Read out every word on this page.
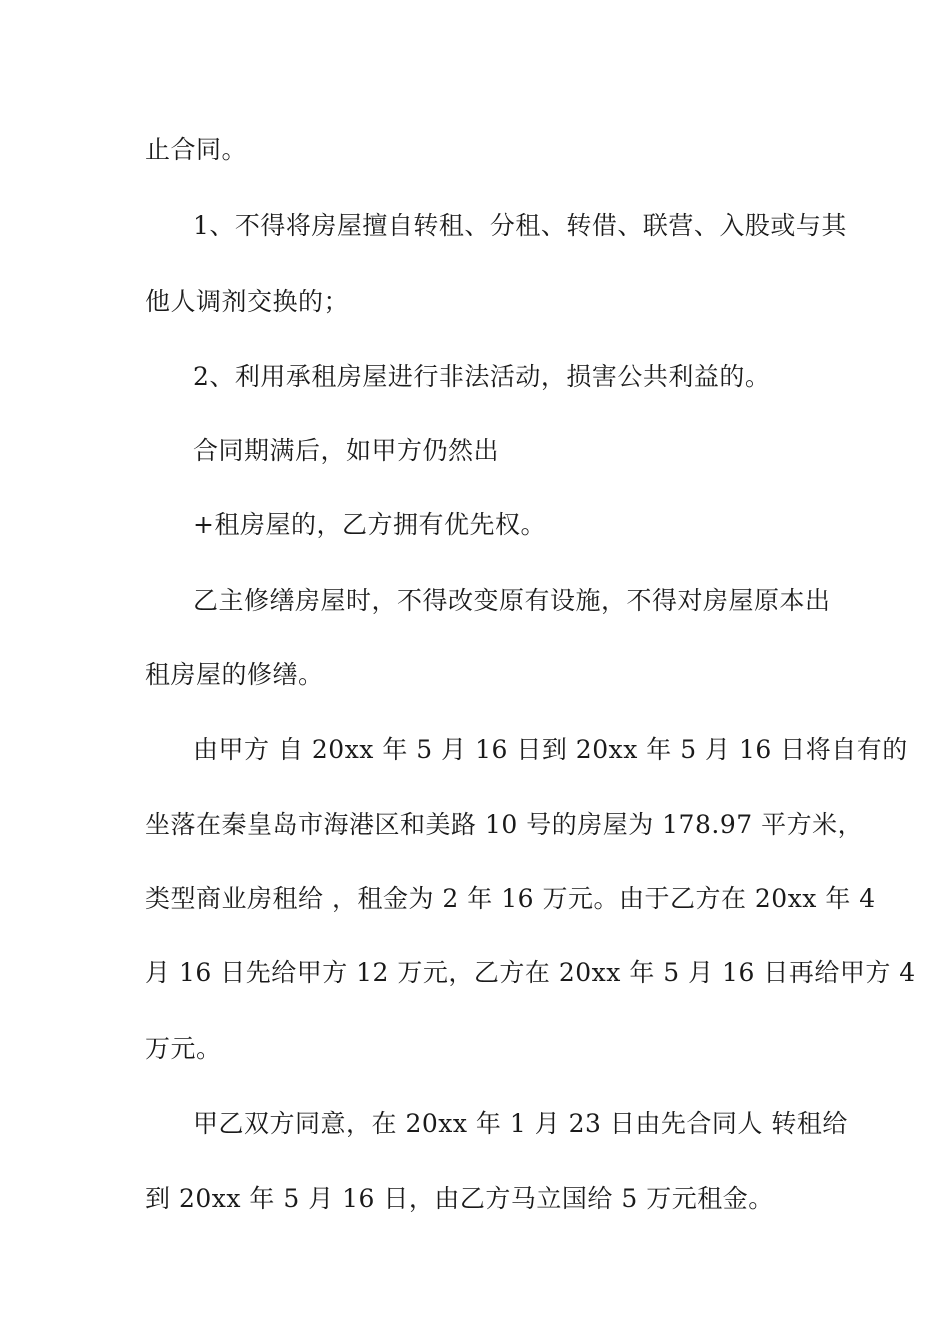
止合同。
1、不得将房屋擅自转租、分租、转借、联营、入股或与其
他人调剂交换的；
2、利用承租房屋进行非法活动，损害公共利益的。
合同期满后，如甲方仍然出
+租房屋的，乙方拥有优先权。
乙主修缮房屋时，不得改变原有设施，不得对房屋原本出
租房屋的修缮。
由甲方 自 20xx 年 5 月 16 日到 20xx 年 5 月 16 日将自有的
坐落在秦皇岛市海港区和美路 10 号的房屋为 178.97 平方米，
类型商业房租给 ，租金为 2 年 16 万元。由于乙方在 20xx 年 4
月 16 日先给甲方 12 万元，乙方在 20xx 年 5 月 16 日再给甲方 4
万元。
甲乙双方同意，在 20xx 年 1 月 23 日由先合同人 转租给
到 20xx 年 5 月 16 日，由乙方马立国给 5 万元租金。
